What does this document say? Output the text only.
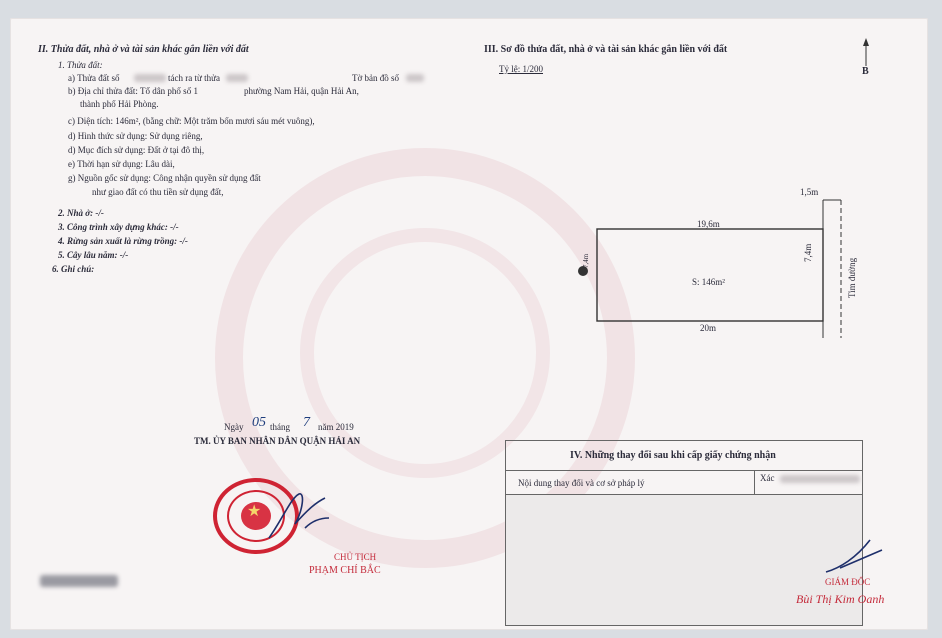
II. Thửa đất, nhà ở và tài sản khác gắn liền với đất
1. Thửa đất:
a) Thửa đất số	tách ra từ thửa	Tờ bản đồ số
b) Địa chỉ thửa đất: Tổ dân phố số 1	phường Nam Hải, quận Hải An,
thành phố Hải Phòng.
c) Diện tích: 146m², (bằng chữ: Một trăm bốn mươi sáu mét vuông),
d) Hình thức sử dụng: Sử dụng riêng,
d) Mục đích sử dụng: Đất ở tại đô thị,
e) Thời hạn sử dụng: Lâu dài,
g) Nguồn gốc sử dụng: Công nhận quyền sử dụng đất
như giao đất có thu tiền sử dụng đất,
2. Nhà ở: -/-
3. Công trình xây dựng khác: -/-
4. Rừng sản xuất là rừng trồng: -/-
5. Cây lâu năm: -/-
6. Ghi chú:
III. Sơ đồ thửa đất, nhà ở và tài sản khác gắn liền với đất
Tỷ lệ: 1/200	B
19,6m
20m
7,4m
7,4m
1,5m
Tim đường
S: 146m²
Ngày 05 tháng 7 năm 2019
TM. ỦY BAN NHÂN DÂN QUẬN HẢI AN
★
CHỦ TỊCH
PHẠM CHÍ BẮC
IV. Những thay đổi sau khi cấp giấy chứng nhận
Nội dung thay đổi và cơ sở pháp lý	Xác
GIÁM ĐỐC
Bùi Thị Kim Oanh
